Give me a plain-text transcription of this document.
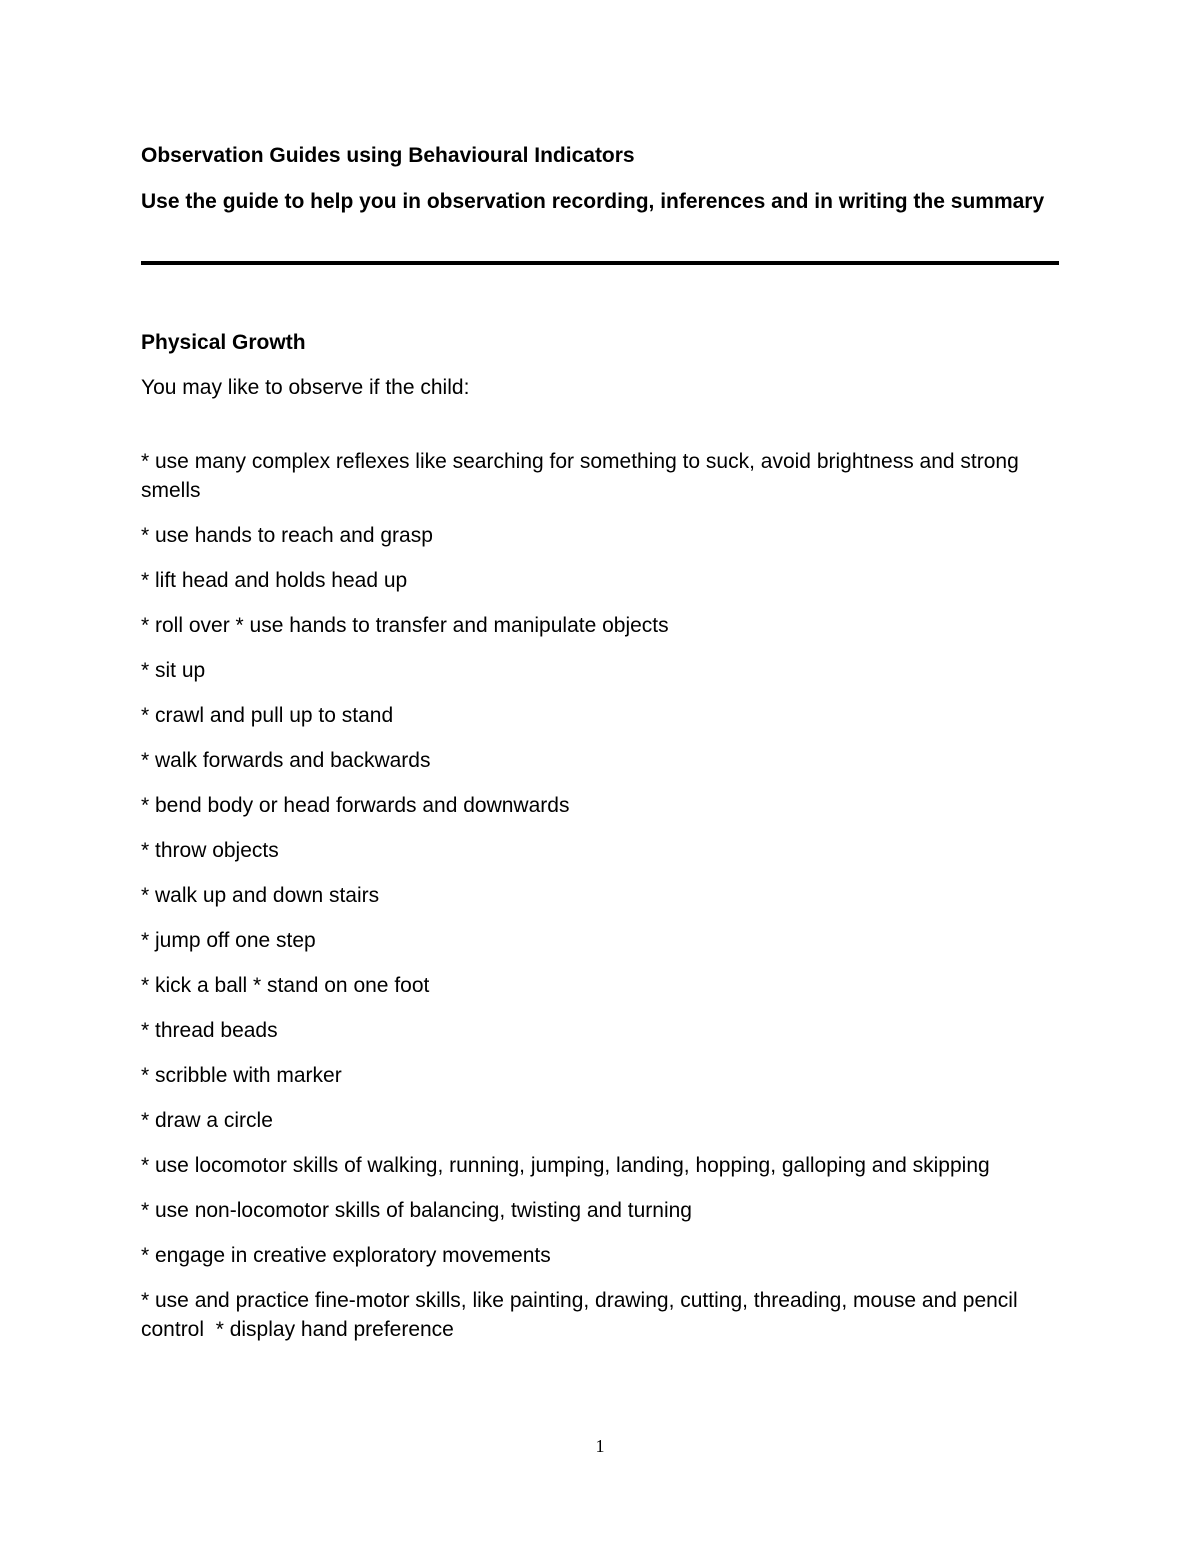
Observation Guides using Behavioural Indicators
Use the guide to help you in observation recording, inferences and in writing the summary
Physical Growth

You may like to observe if the child:

* use many complex reflexes like searching for something to suck, avoid brightness and strong smells
* use hands to reach and grasp
* lift head and holds head up
* roll over * use hands to transfer and manipulate objects
* sit up
* crawl and pull up to stand
* walk forwards and backwards
* bend body or head forwards and downwards
* throw objects
* walk up and down stairs
* jump off one step
* kick a ball * stand on one foot
* thread beads
* scribble with marker
* draw a circle
* use locomotor skills of walking, running, jumping, landing, hopping, galloping and skipping
* use non-locomotor skills of balancing, twisting and turning
* engage in creative exploratory movements
* use and practice fine-motor skills, like painting, drawing, cutting, threading, mouse and pencil control  * display hand preference
1
